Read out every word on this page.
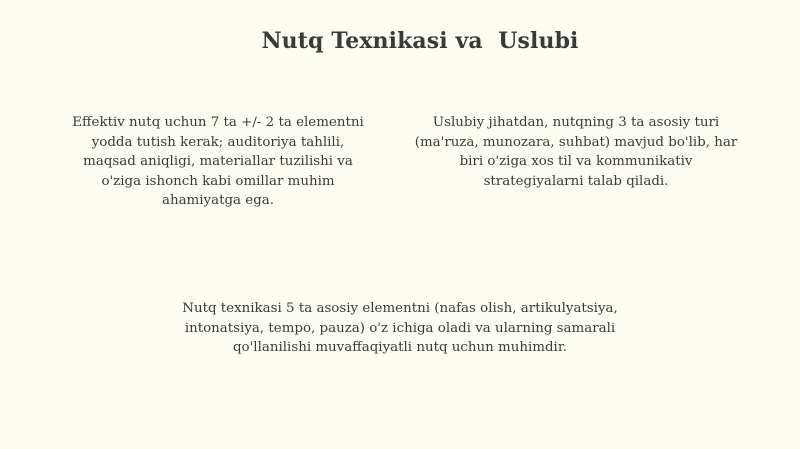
Nutq Texnikasi va  Uslubi

Effektiv nutq uchun 7 ta +/- 2 ta elementni
yodda tutish kerak; auditoriya tahlili,
maqsad aniqligi, materiallar tuzilishi va
o'ziga ishonch kabi omillar muhim
ahamiyatga ega.

Uslubiy jihatdan, nutqning 3 ta asosiy turi
(ma'ruza, munozara, suhbat) mavjud bo'lib, har
biri o'ziga xos til va kommunikativ
strategiyalarni talab qiladi.

Nutq texnikasi 5 ta asosiy elementni (nafas olish, artikulyatsiya,
intonatsiya, tempo, pauza) o'z ichiga oladi va ularning samarali
qo'llanilishi muvaffaqiyatli nutq uchun muhimdir.
